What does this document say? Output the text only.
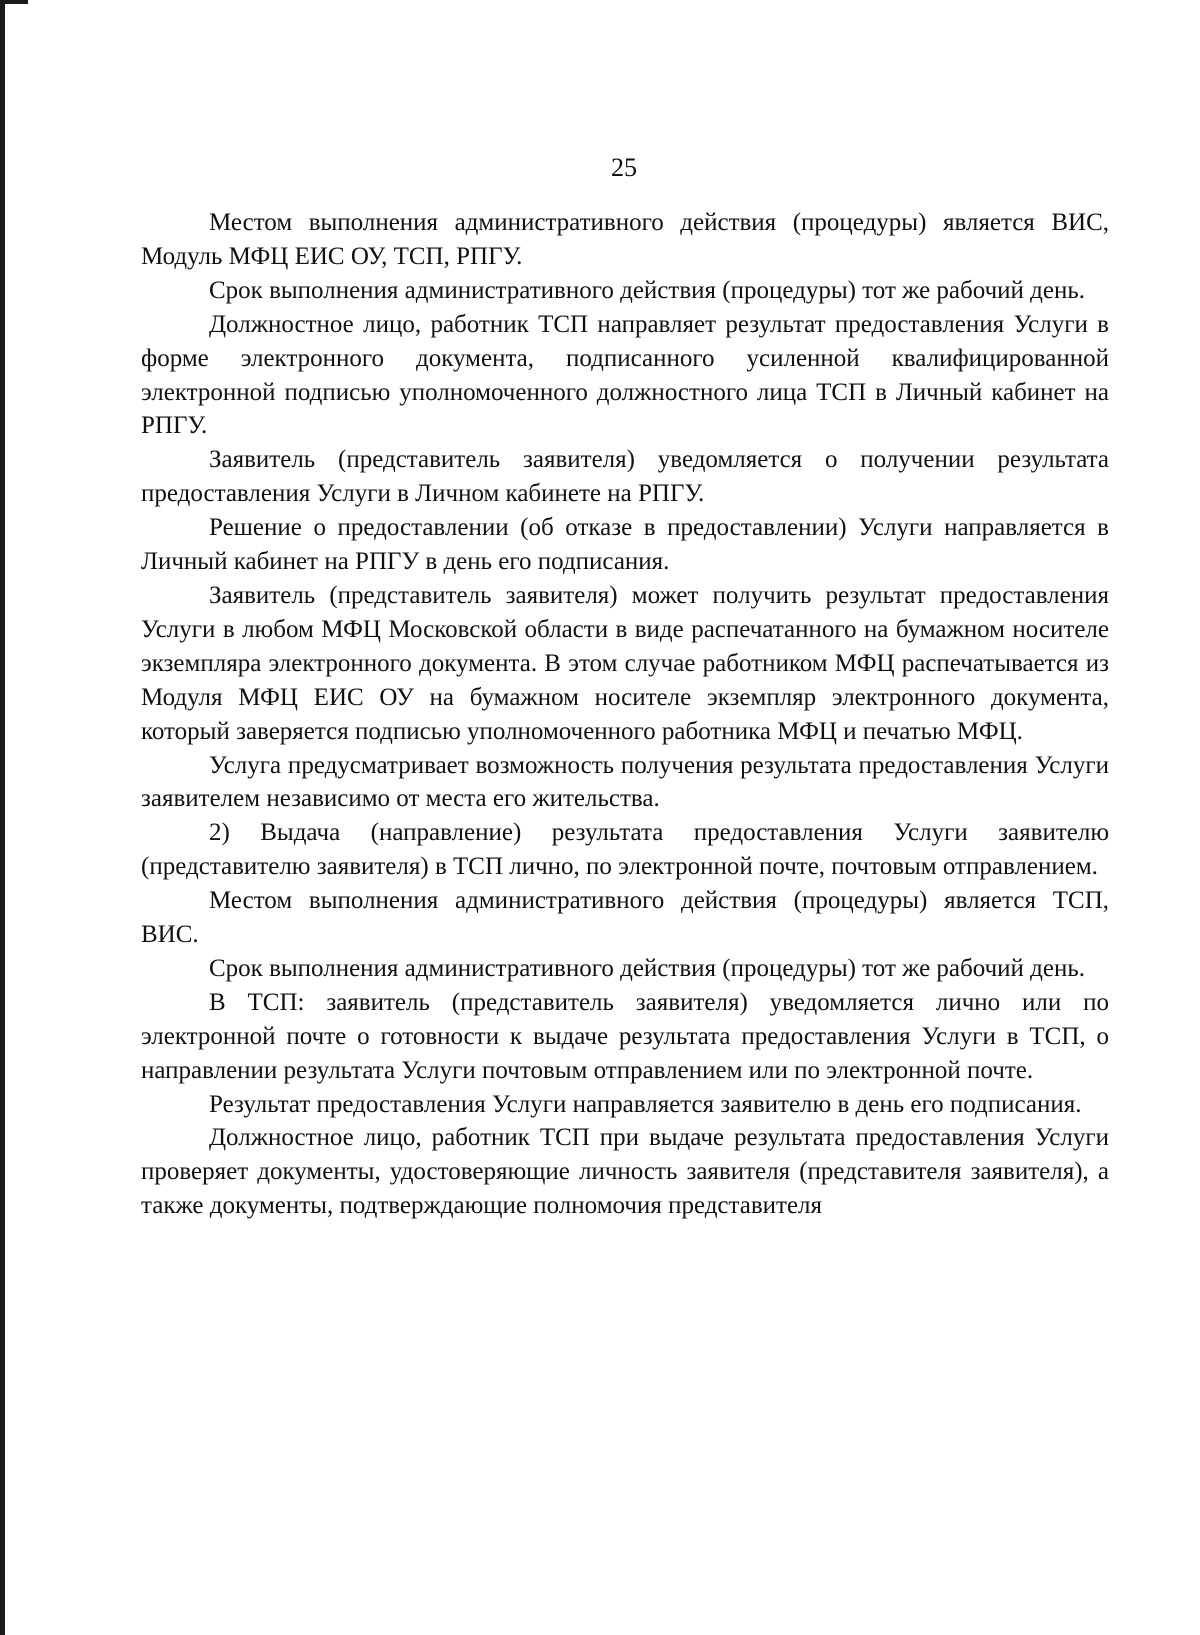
25

Местом выполнения административного действия (процедуры) является ВИС, Модуль МФЦ ЕИС ОУ, ТСП, РПГУ.

Срок выполнения административного действия (процедуры) тот же рабочий день.

Должностное лицо, работник ТСП направляет результат предоставления Услуги в форме электронного документа, подписанного усиленной квалифицированной электронной подписью уполномоченного должностного лица ТСП в Личный кабинет на РПГУ.

Заявитель (представитель заявителя) уведомляется о получении результата предоставления Услуги в Личном кабинете на РПГУ.

Решение о предоставлении (об отказе в предоставлении) Услуги направляется в Личный кабинет на РПГУ в день его подписания.

Заявитель (представитель заявителя) может получить результат предоставления Услуги в любом МФЦ Московской области в виде распечатанного на бумажном носителе экземпляра электронного документа. В этом случае работником МФЦ распечатывается из Модуля МФЦ ЕИС ОУ на бумажном носителе экземпляр электронного документа, который заверяется подписью уполномоченного работника МФЦ и печатью МФЦ.

Услуга предусматривает возможность получения результата предоставления Услуги заявителем независимо от места его жительства.

2) Выдача (направление) результата предоставления Услуги заявителю (представителю заявителя) в ТСП лично, по электронной почте, почтовым отправлением.

Местом выполнения административного действия (процедуры) является ТСП, ВИС.

Срок выполнения административного действия (процедуры) тот же рабочий день.

В ТСП: заявитель (представитель заявителя) уведомляется лично или по электронной почте о готовности к выдаче результата предоставления Услуги в ТСП, о направлении результата Услуги почтовым отправлением или по электронной почте.

Результат предоставления Услуги направляется заявителю в день его подписания.

Должностное лицо, работник ТСП при выдаче результата предоставления Услуги проверяет документы, удостоверяющие личность заявителя (представителя заявителя), а также документы, подтверждающие полномочия представителя
